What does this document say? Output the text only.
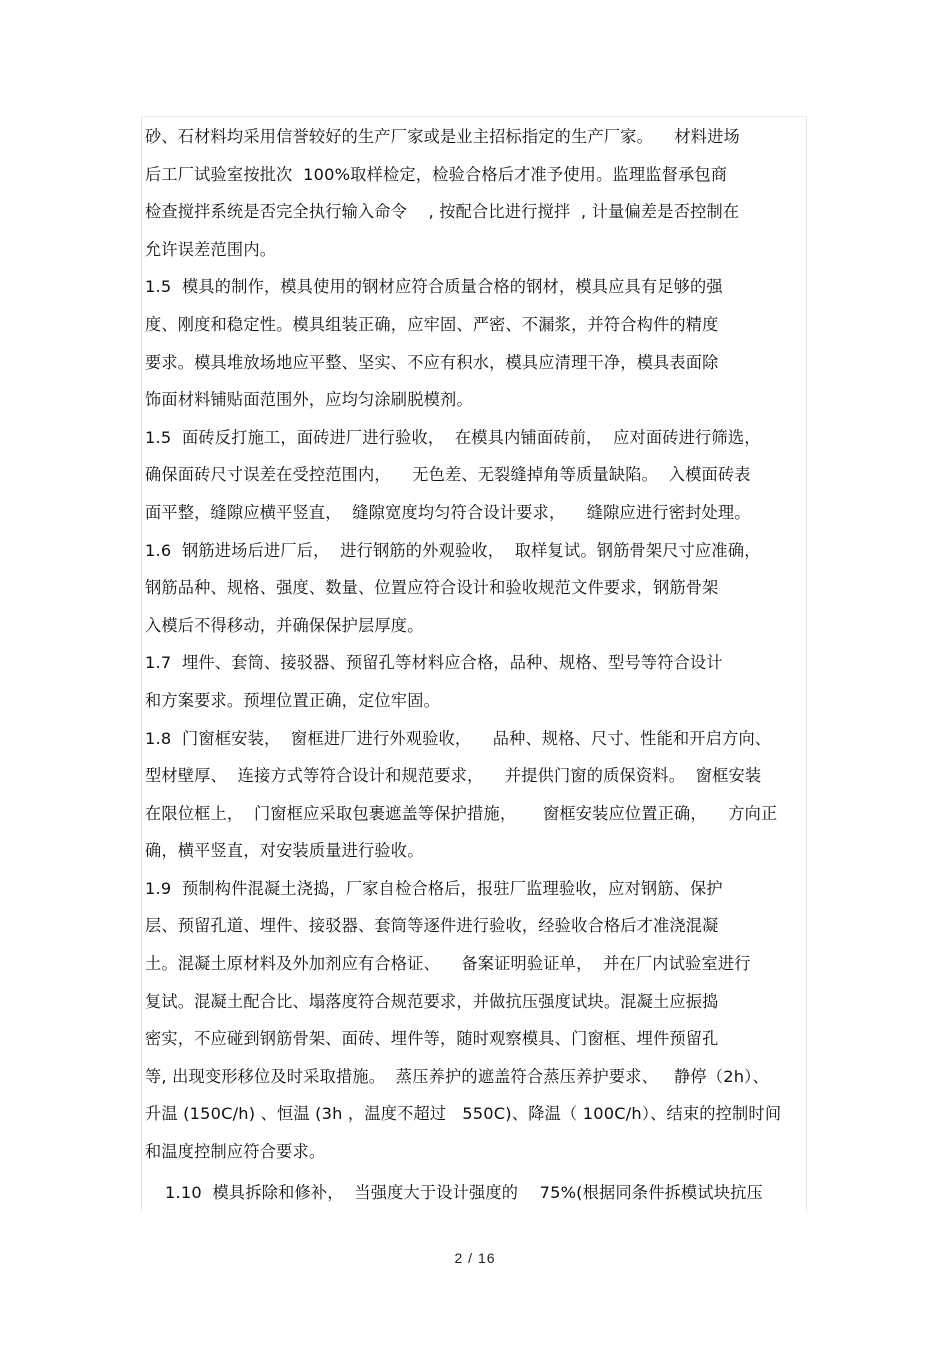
砂、石材料均采用信誉较好的生产厂家或是业主招标指定的生产厂家。    材料进场
后工厂试验室按批次  100%取样检定，检验合格后才准予使用。监理监督承包商
检查搅拌系统是否完全执行输入命令    , 按配合比进行搅拌  , 计量偏差是否控制在
允许误差范围内。
1.5  模具的制作，模具使用的钢材应符合质量合格的钢材，模具应具有足够的强
度、刚度和稳定性。模具组装正确，应牢固、严密、不漏浆，并符合构件的精度
要求。模具堆放场地应平整、坚实、不应有积水，模具应清理干净，模具表面除
饰面材料铺贴面范围外，应均匀涂刷脱模剂。
1.5  面砖反打施工，面砖进厂进行验收，  在模具内铺面砖前，  应对面砖进行筛选，
确保面砖尺寸误差在受控范围内，    无色差、无裂缝掉角等质量缺陷。  入模面砖表
面平整，缝隙应横平竖直，  缝隙宽度均匀符合设计要求，    缝隙应进行密封处理。
1.6  钢筋进场后进厂后，  进行钢筋的外观验收，  取样复试。钢筋骨架尺寸应准确，
钢筋品种、规格、强度、数量、位置应符合设计和验收规范文件要求，钢筋骨架
入模后不得移动，并确保保护层厚度。
1.7  埋件、套筒、接驳器、预留孔等材料应合格，品种、规格、型号等符合设计
和方案要求。预埋位置正确，定位牢固。
1.8  门窗框安装，  窗框进厂进行外观验收，    品种、规格、尺寸、性能和开启方向、
型材壁厚、  连接方式等符合设计和规范要求，    并提供门窗的质保资料。  窗框安装
在限位框上，  门窗框应采取包裹遮盖等保护措施，     窗框安装应位置正确，    方向正
确，横平竖直，对安装质量进行验收。
1.9  预制构件混凝土浇捣，厂家自检合格后，报驻厂监理验收，应对钢筋、保护
层、预留孔道、埋件、接驳器、套筒等逐件进行验收，经验收合格后才准浇混凝
土。混凝土原材料及外加剂应有合格证、    备案证明验证单，  并在厂内试验室进行
复试。混凝土配合比、塌落度符合规范要求，并做抗压强度试块。混凝土应振捣
密实，不应碰到钢筋骨架、面砖、埋件等，随时观察模具、门窗框、埋件预留孔
等, 出现变形移位及时采取措施。  蒸压养护的遮盖符合蒸压养护要求、   静停（2h）、
升温 (150C/h) 、恒温 (3h ，温度不超过   550C)、降温（ 100C/h）、结束的控制时间
和温度控制应符合要求。
1.10  模具拆除和修补，  当强度大于设计强度的    75%(根据同条件拆模试块抗压
2 / 16
